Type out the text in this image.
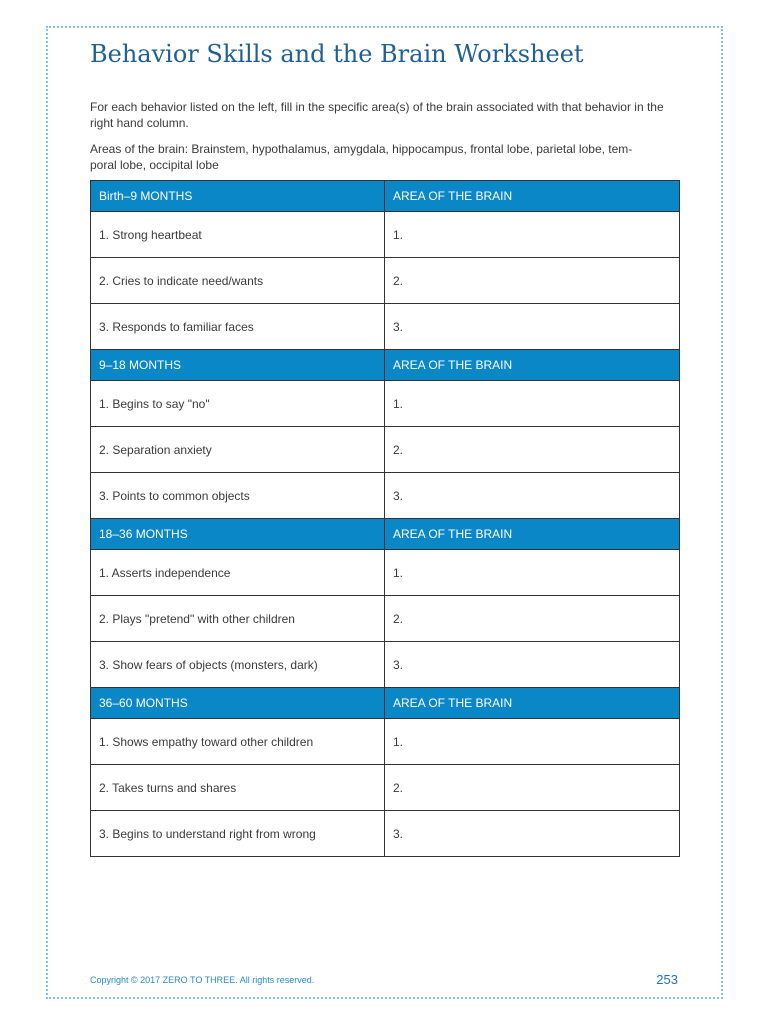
Behavior Skills and the Brain Worksheet

For each behavior listed on the left, fill in the specific area(s) of the brain associated with that behavior in the right hand column.

Areas of the brain: Brainstem, hypothalamus, amygdala, hippocampus, frontal lobe, parietal lobe, tem-
poral lobe, occipital lobe

Birth–9 MONTHS	AREA OF THE BRAIN
1. Strong heartbeat	1.
2. Cries to indicate need/wants	2.
3. Responds to familiar faces	3.
9–18 MONTHS	AREA OF THE BRAIN
1. Begins to say "no"	1.
2. Separation anxiety	2.
3. Points to common objects	3.
18–36 MONTHS	AREA OF THE BRAIN
1. Asserts independence	1.
2. Plays "pretend" with other children	2.
3. Show fears of objects (monsters, dark)	3.
36–60 MONTHS	AREA OF THE BRAIN
1. Shows empathy toward other children	1.
2. Takes turns and shares	2.
3. Begins to understand right from wrong	3.
Copyright © 2017 ZERO TO THREE. All rights reserved.	253
